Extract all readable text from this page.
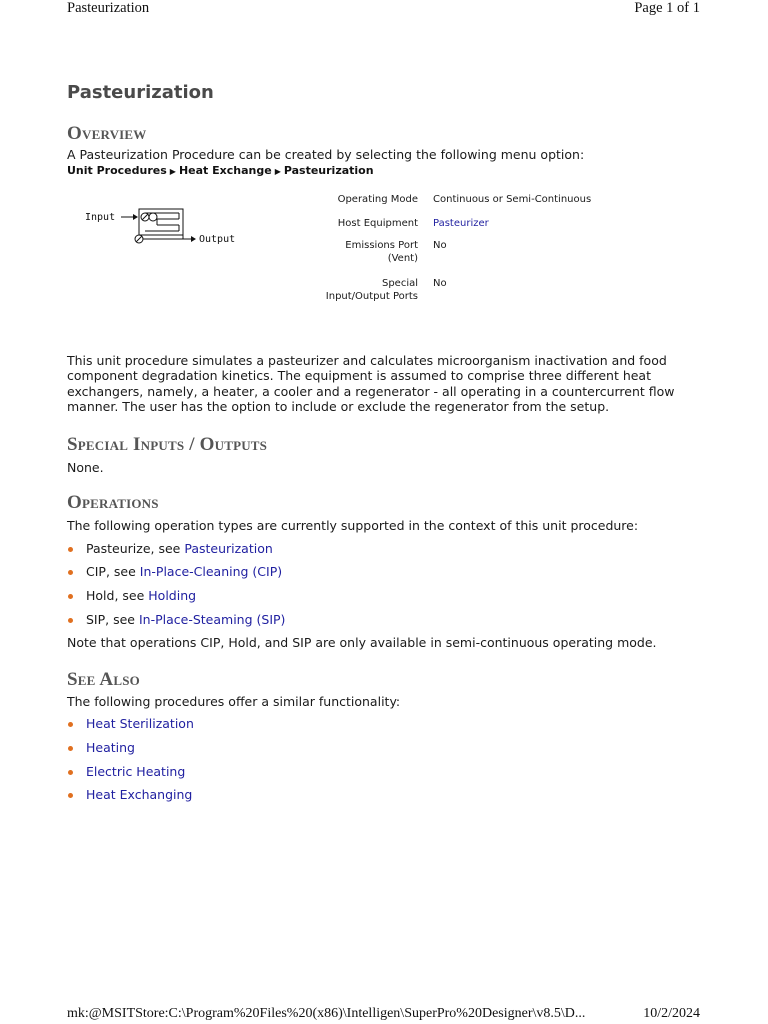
Pasteurization	Page 1 of 1
Pasteurization
Overview

A Pasteurization Procedure can be created by selecting the following menu option:

Unit Procedures ▶ Heat Exchange ▶ Pasteurization
Input
Output
Operating Mode Continuous or Semi-Continuous
Host Equipment Pasteurizer
Emissions Port (Vent)
No
Special Input/Output Ports
No

This unit procedure simulates a pasteurizer and calculates microorganism inactivation and food component degradation kinetics. The equipment is assumed to comprise three different heat exchangers, namely, a heater, a cooler and a regenerator - all operating in a countercurrent flow manner. The user has the option to include or exclude the regenerator from the setup.

Special Inputs / Outputs

None.

Operations

The following operation types are currently supported in the context of this unit procedure:

Pasteurize, see Pasteurization
CIP, see In-Place-Cleaning (CIP)
Hold, see Holding
SIP, see In-Place-Steaming (SIP)

Note that operations CIP, Hold, and SIP are only available in semi-continuous operating mode.

See Also

The following procedures offer a similar functionality:

Heat Sterilization
Heating
Electric Heating
Heat Exchanging
mk:@MSITStore:C:\Program%20Files%20(x86)\Intelligen\SuperPro%20Designer\v8.5\D...	10/2/2024
